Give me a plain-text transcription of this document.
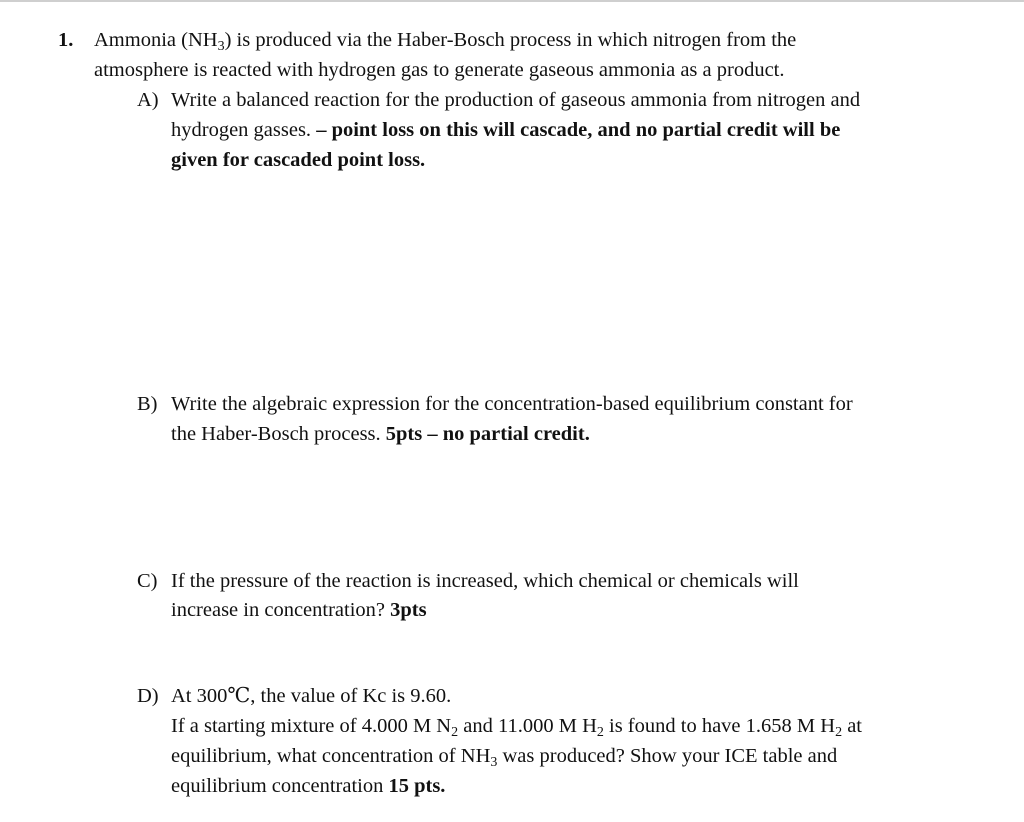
1. Ammonia $(NH_3)$ is produced via the Haber-Bosch process in which nitrogen from the
atmosphere is reacted with hydrogen gas to generate gaseous ammonia as a product.
A) Write a balanced reaction for the production of gaseous ammonia from nitrogen and
hydrogen gasses. – point loss on this will cascade, and no partial credit will be
given for cascaded point loss.
B) Write the algebraic expression for the concentration-based equilibrium constant for
the Haber-Bosch process. 5pts – no partial credit.
C) If the pressure of the reaction is increased, which chemical or chemicals will
increase in concentration? 3pts
D) At 300℃, the value of Kc is 9.60.
If a starting mixture of 4.000 M $N_2$ and 11.000 M $H_2$ is found to have 1.658 M $H_2$ at
equilibrium, what concentration of $NH_3$ was produced? Show your ICE table and
equilibrium concentration 15 pts.
